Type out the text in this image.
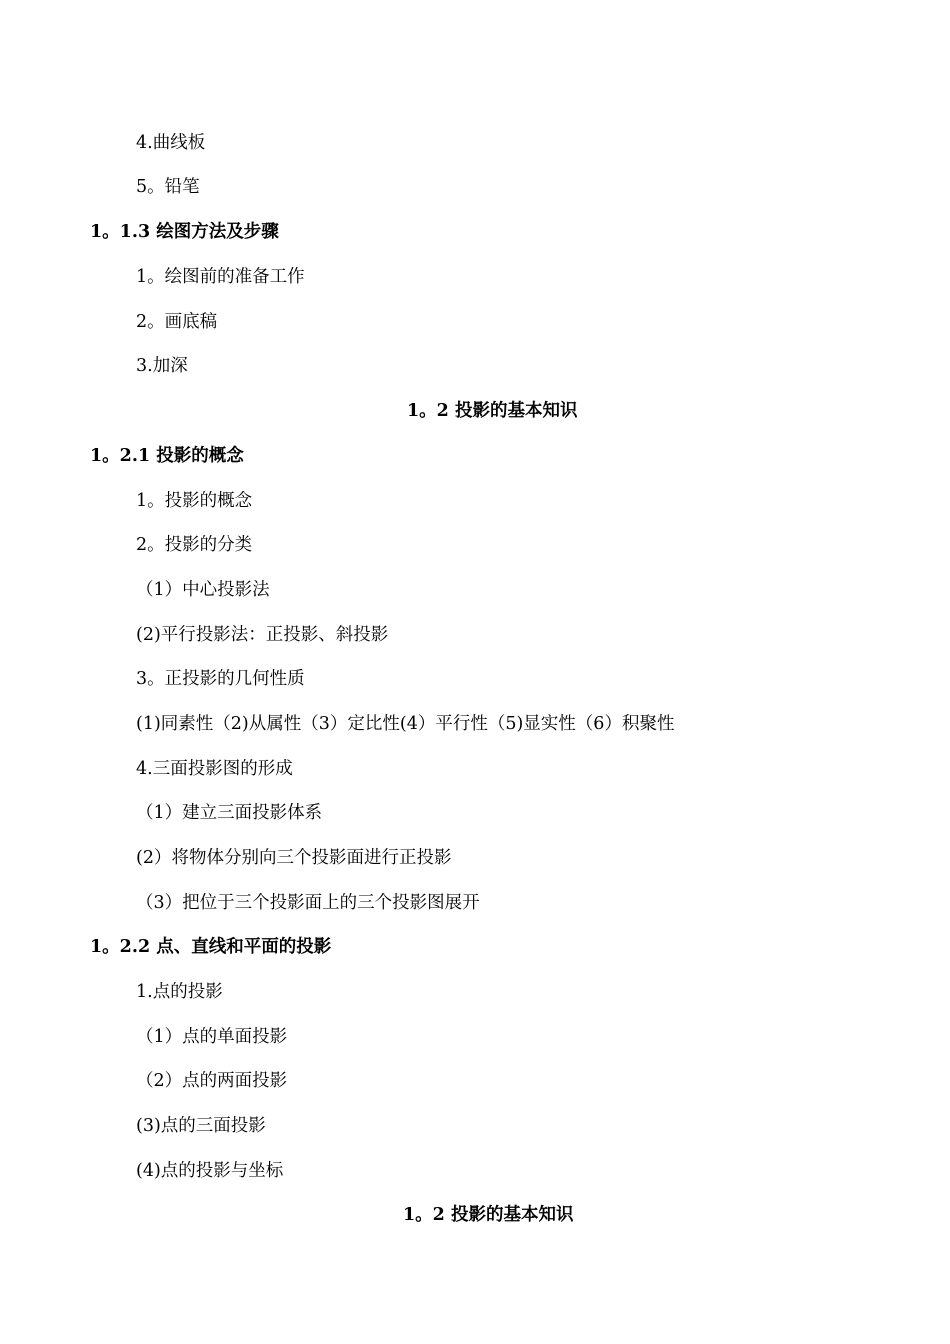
4.曲线板
5。铅笔
1。1.3 绘图方法及步骤
1。绘图前的准备工作
2。画底稿
3.加深
1。2 投影的基本知识
1。2.1 投影的概念
1。投影的概念
2。投影的分类
（1）中心投影法
(2)平行投影法：正投影、斜投影
3。正投影的几何性质
(1)同素性（2)从属性（3）定比性(4）平行性（5)显实性（6）积聚性
4.三面投影图的形成
（1）建立三面投影体系
(2）将物体分别向三个投影面进行正投影
（3）把位于三个投影面上的三个投影图展开
1。2.2 点、直线和平面的投影
1.点的投影
（1）点的单面投影
（2）点的两面投影
(3)点的三面投影
(4)点的投影与坐标
1。2 投影的基本知识
